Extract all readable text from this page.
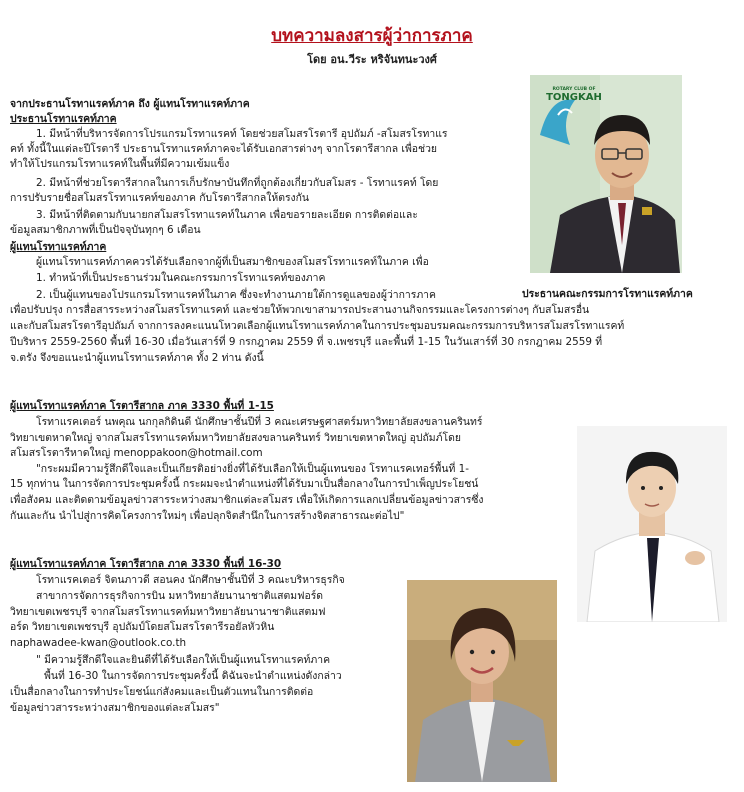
บทความลงสารผู้ว่าการภาค
โดย อน.วีระ หริจันทนะวงศ์
ROTARY CLUB OF
TONGKAH
จากประธานโรทาแรคท์ภาค ถึง ผู้แทนโรทาแรคท์ภาค
ประธานโรทาแรคท์ภาค
1. มีหน้าที่บริหารจัดการโปรแกรมโรทาแรคท์ โดยช่วยสโมสรโรตารี อุปถัมภ์ -สโมสรโรทาแร
คท์ ทั้งนี้ในแต่ละปีโรตารี ประธานโรทาแรคท์ภาคจะได้รับเอกสารต่างๆ จากโรตารีสากล เพื่อช่วย
ทำให้โปรแกรมโรทาแรคท์ในพื้นที่มีความเข้มแข็ง
2. มีหน้าที่ช่วยโรตารีสากลในการเก็บรักษาบันทึกที่ถูกต้องเกี่ยวกับสโมสร - โรทาแรคท์ โดย
การปรับรายชื่อสโมสรโรทาแรคท์ของภาค กับโรตารีสากลให้ตรงกัน
3. มีหน้าที่ติดตามกับนายกสโมสรโรทาแรคท์ในภาค เพื่อขอรายละเอียด การติดต่อและ
ข้อมูลสมาชิกภาพที่เป็นปัจจุบันทุกๆ 6 เดือน
ผู้แทนโรทาแรคท์ภาค
ผู้แทนโรทาแรคท์ภาคควรได้รับเลือกจากผู้ที่เป็นสมาชิกของสโมสรโรทาแรคท์ในภาค เพื่อ
1. ทำหน้าที่เป็นประธานร่วมในคณะกรรมการโรทาแรคท์ของภาค
2. เป็นผู้แทนของโปรแกรมโรทาแรคท์ในภาค ซึ่งจะทำงานภายใต้การดูแลของผู้ว่าการภาค	ประธานคณะกรรมการโรทาแรคท์ภาค
เพื่อปรับปรุง การสื่อสารระหว่างสโมสรโรทาแรคท์ และช่วยให้พวกเขาสามารถประสานงานกิจกรรมและโครงการต่างๆ กับสโมสรอื่น
และกับสโมสรโรตารีอุปถัมภ์ จากการลงคะแนนโหวตเลือกผู้แทนโรทาแรคท์ภาคในการประชุมอบรมคณะกรรมการบริหารสโมสรโรทาแรคท์
ปีบริหาร 2559-2560 พื้นที่ 16-30 เมื่อวันเสาร์ที่ 9 กรกฎาคม 2559 ที่ จ.เพชรบุรี และพื้นที่ 1-15 ในวันเสาร์ที่ 30 กรกฎาคม 2559 ที่
จ.ตรัง จึงขอแนะนำผู้แทนโรทาแรคท์ภาค ทั้ง 2 ท่าน ดังนี้
ผู้แทนโรทาแรคท์ภาค โรตารีสากล ภาค 3330 พื้นที่ 1-15
โรทาแรคเตอร์ นพคุณ นกกุลกิดินดี นักศึกษาชั้นปีที่ 3 คณะเศรษฐศาสตร์มหาวิทยาลัยสงขลานครินทร์
วิทยาเขตหาดใหญ่ จากสโมสรโรทาแรคท์มหาวิทยาลัยสงขลานครินทร์ วิทยาเขตหาดใหญ่ อุปถัมภ์โดย
สโมสรโรตารีหาดใหญ่ menoppakoon@hotmail.com
"กระผมมีความรู้สึกดีใจและเป็นเกียรติอย่างยิ่งที่ได้รับเลือกให้เป็นผู้แทนของ โรทาแรคเทอร์พื้นที่ 1-
15 ทุกท่าน ในการจัดการประชุมครั้งนี้ กระผมจะนำตำแหน่งที่ได้รับมาเป็นสื่อกลางในการบำเพ็ญประโยชน์
เพื่อสังคม และติดตามข้อมูลข่าวสารระหว่างสมาชิกแต่ละสโมสร เพื่อให้เกิดการแลกเปลี่ยนข้อมูลข่าวสารซึ่ง
กันและกัน นำไปสู่การคิดโครงการใหม่ๆ เพื่อปลุกจิตสำนึกในการสร้างจิตสาธารณะต่อไป"
ผู้แทนโรทาแรคท์ภาค โรตารีสากล ภาค 3330 พื้นที่ 16-30
โรทาแรคเตอร์ จิตนภาวดี สอนคง นักศึกษาชั้นปีที่ 3 คณะบริหารธุรกิจ
สาขาการจัดการธุรกิจการบิน มหาวิทยาลัยนานาชาติแสตมฟอร์ด
วิทยาเขตเพชรบุรี จากสโมสรโรทาแรคท์มหาวิทยาลัยนานาชาติแสตมฟ
อร์ด วิทยาเขตเพชรบุรี อุปถัมป์โดยสโมสรโรตารีรอยัลหัวหิน
naphawadee-kwan@outlook.co.th
" มีความรู้สึกดีใจและยินดีที่ได้รับเลือกให้เป็นผู้แทนโรทาแรคท์ภาค
พื้นที่ 16-30 ในการจัดการประชุมครั้งนี้ ดิฉันจะนำตำแหน่งดังกล่าว
เป็นสื่อกลางในการทำประโยชน์แก่สังคมและเป็นตัวแทนในการติดต่อ
ข้อมูลข่าวสารระหว่างสมาชิกของแต่ละสโมสร"
